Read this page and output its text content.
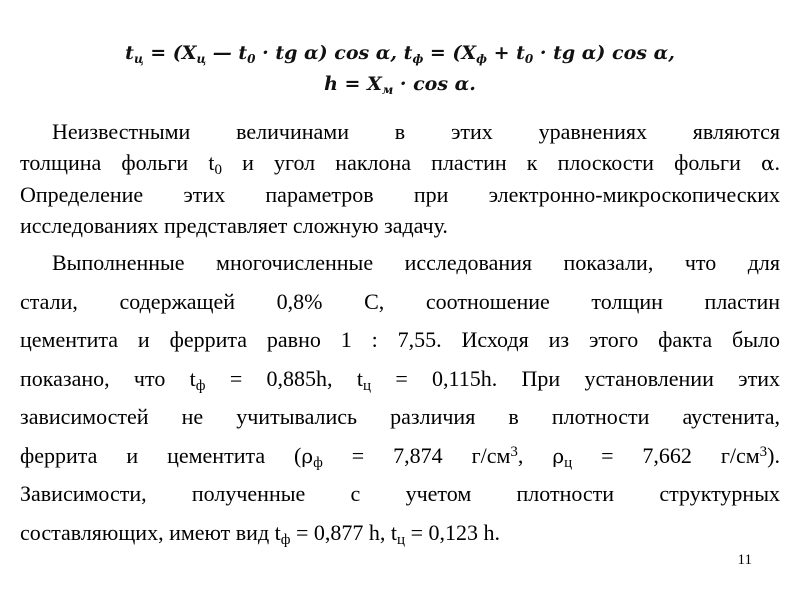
$t_ц = (X_ц$ — $t_0$ · tg α) cos α, $t_ф = (X_ф + t_0$ · tg α) cos α,
$h = X_м \cdot \cos \alpha$.
Неизвестными величинами в этих уравнениях являются
толщина фольги $t_0$ и угол наклона пластин к плоскости фольги α.
Определение этих параметров при электронно-микроскопических
исследованиях представляет сложную задачу.
Выполненные многочисленные исследования показали, что для
стали, содержащей 0,8% С, соотношение толщин пластин
цементита и феррита равно 1 : 7,55. Исходя из этого факта было
показано, что $t_ф = 0,885h$, $t_ц = 0,115h$. При установлении этих
зависимостей не учитывались различия в плотности аустенита,
феррита и цементита ($\rho_ф = 7,874$ $г/см^3$, $\rho_ц = 7,662$ $г/см^3$).
Зависимости, полученные с учетом плотности структурных
составляющих, имеют вид $t_ф = 0,877$ h, $t_ц = 0,123$ h.
11
